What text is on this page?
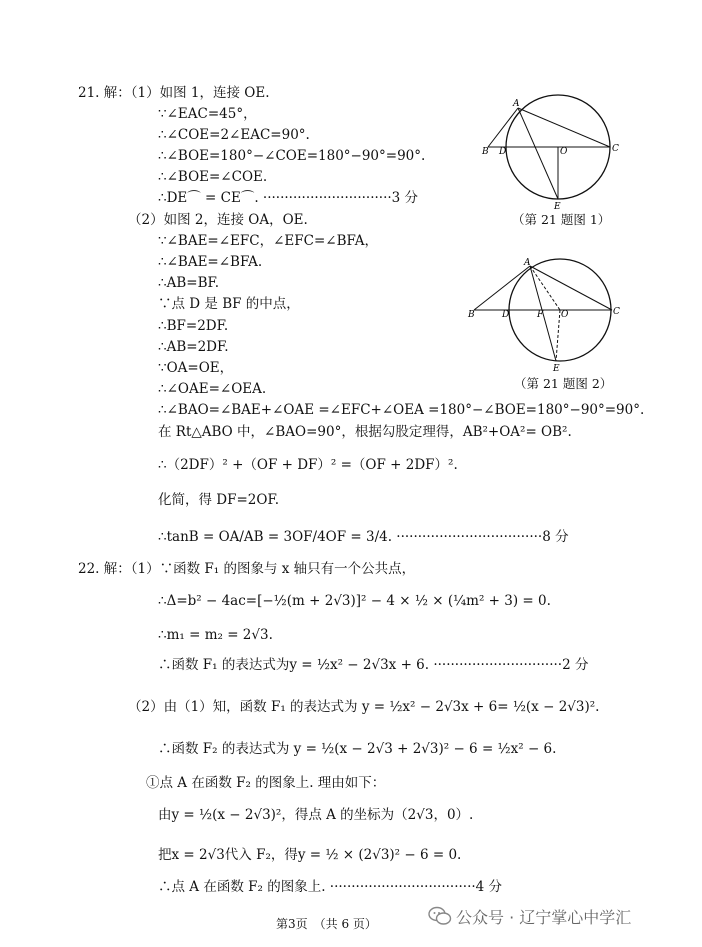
21. 解：（1）如图 1，连接 OE.
∵∠EAC=45°，
∴∠COE=2∠EAC=90°.
∴∠BOE=180°−∠COE=180°−90°=90°.
∴∠BOE=∠COE.
∴DE⌒ = CE⌒. ······························3 分
（2）如图 2，连接 OA，OE.
∵∠BAE=∠EFC，∠EFC=∠BFA，
∴∠BAE=∠BFA.
∴AB=BF.
∵点 D 是 BF 的中点，
∴BF=2DF.
∴AB=2DF.
∵OA=OE，
∴∠OAE=∠OEA.
∴∠BAO=∠BAE+∠OAE =∠EFC+∠OEA =180°−∠BOE=180°−90°=90°.
在 Rt△ABO 中，∠BAO=90°，根据勾股定理得，AB²+OA²= OB².
∴（2DF）² +（OF + DF）² =（OF + 2DF）².
化简，得 DF=2OF.
∴tanB = OA/AB = 3OF/4OF = 3/4. ··································8 分
A
B D	O	C
E
（第 21 题图 1）
A
B	D	F O	C
E
（第 21 题图 2）
22. 解：（1）∵函数 F₁ 的图象与 x 轴只有一个公共点，
∴Δ=b² − 4ac=[−½(m + 2√3)]² − 4 × ½ × (¼m² + 3) = 0.
∴m₁ = m₂ = 2√3.
∴函数 F₁ 的表达式为y = ½x² − 2√3x + 6. ······························2 分
（2）由（1）知，函数 F₁ 的表达式为 y = ½x² − 2√3x + 6= ½(x − 2√3)².
∴函数 F₂ 的表达式为 y = ½(x − 2√3 + 2√3)² − 6 = ½x² − 6.
①点 A 在函数 F₂ 的图象上. 理由如下：
由y = ½(x − 2√3)²，得点 A 的坐标为（2√3，0）.
把x = 2√3代入 F₂，得y = ½ × (2√3)² − 6 = 0.
∴点 A 在函数 F₂ 的图象上. ··································4 分
第3页　（共 6 页）	公众号 · 辽宁掌心中学汇
